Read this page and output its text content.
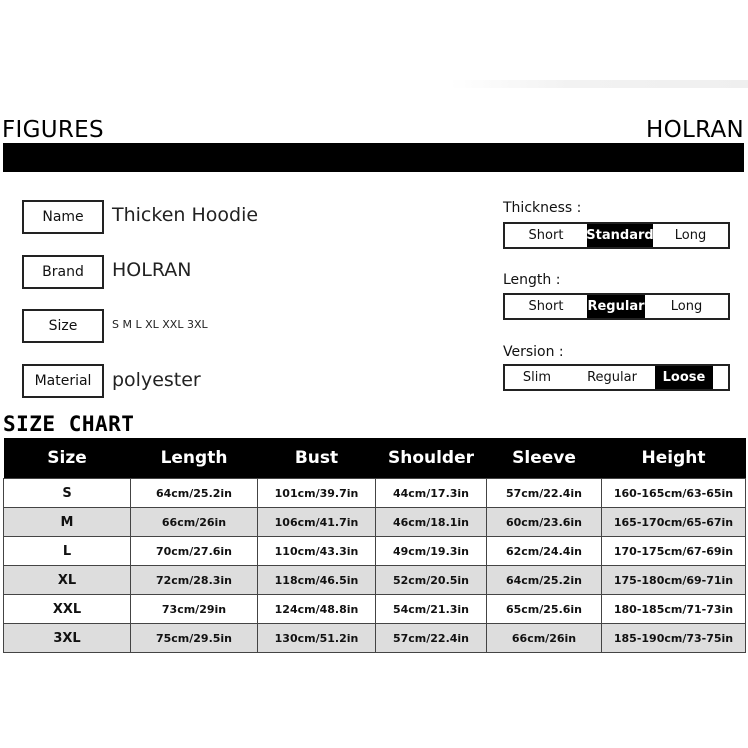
FIGURES	HOLRAN
Name	Thicken Hoodie
Brand	HOLRAN
Size	S M L XL XXL 3XL
Material	polyester
Thickness :
Short	Standard	Long
Length :
Short	Regular	Long
Version :
Slim	Regular	Loose
SIZE CHART
Size	Length	Bust	Shoulder	Sleeve	Height
S	64cm/25.2in	101cm/39.7in	44cm/17.3in	57cm/22.4in	160-165cm/63-65in
M	66cm/26in	106cm/41.7in	46cm/18.1in	60cm/23.6in	165-170cm/65-67in
L	70cm/27.6in	110cm/43.3in	49cm/19.3in	62cm/24.4in	170-175cm/67-69in
XL	72cm/28.3in	118cm/46.5in	52cm/20.5in	64cm/25.2in	175-180cm/69-71in
XXL	73cm/29in	124cm/48.8in	54cm/21.3in	65cm/25.6in	180-185cm/71-73in
3XL	75cm/29.5in	130cm/51.2in	57cm/22.4in	66cm/26in	185-190cm/73-75in
